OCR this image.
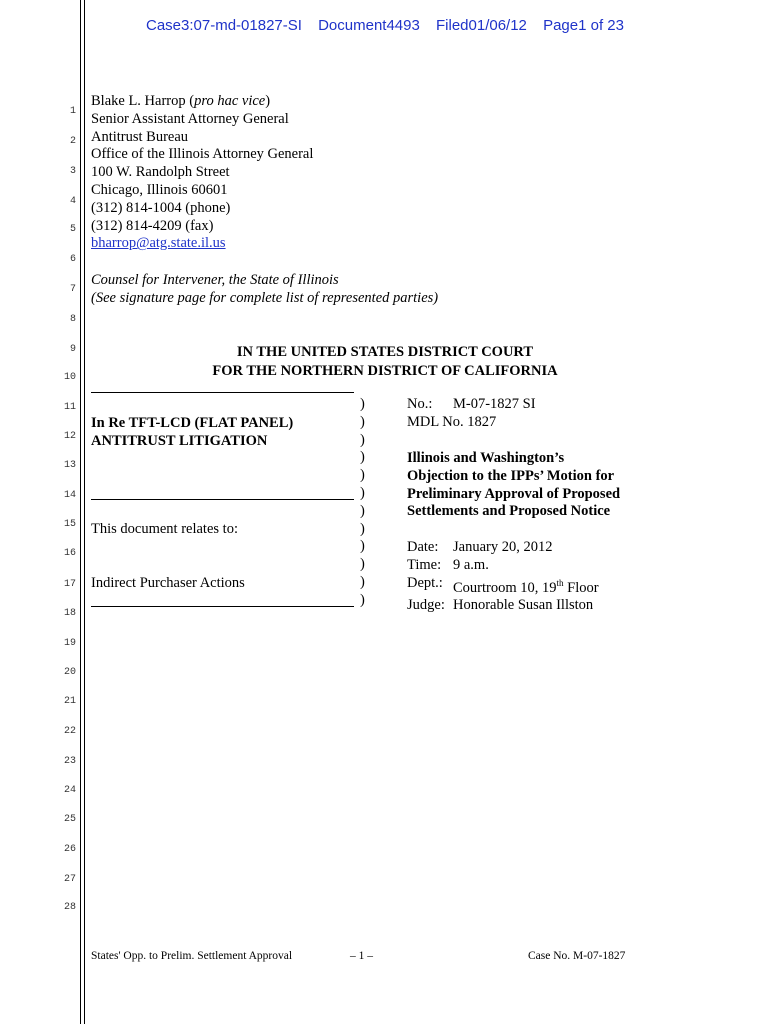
Case3:07-md-01827-SI Document4493 Filed01/06/12 Page1 of 23
1
2
3
4
5
6
7
8
9
10
11
12
13
14
15
16
17
18
19
20
21
22
23
24
25
26
27
28
Blake L. Harrop (pro hac vice)
Senior Assistant Attorney General
Antitrust Bureau
Office of the Illinois Attorney General
100 W. Randolph Street
Chicago, Illinois 60601
(312) 814-1004 (phone)
(312) 814-4209 (fax)
bharrop@atg.state.il.us
Counsel for Intervener, the State of Illinois
(See signature page for complete list of represented parties)
IN THE UNITED STATES DISTRICT COURT
FOR THE NORTHERN DISTRICT OF CALIFORNIA
In Re TFT-LCD (FLAT PANEL)
ANTITRUST LITIGATION
This document relates to:
Indirect Purchaser Actions
)
)
)
)
)
)
)
)
)
)
)
)
No.:	M-07-1827 SI
MDL No. 1827
Illinois and Washington’s
Objection to the IPPs’ Motion for
Preliminary Approval of Proposed
Settlements and Proposed Notice
Date:	January 20, 2012
Time: 9 a.m.
Dept.: Courtroom 10, 19th Floor
Judge: Honorable Susan Illston
States' Opp. to Prelim. Settlement Approval	– 1 –	Case No. M-07-1827
